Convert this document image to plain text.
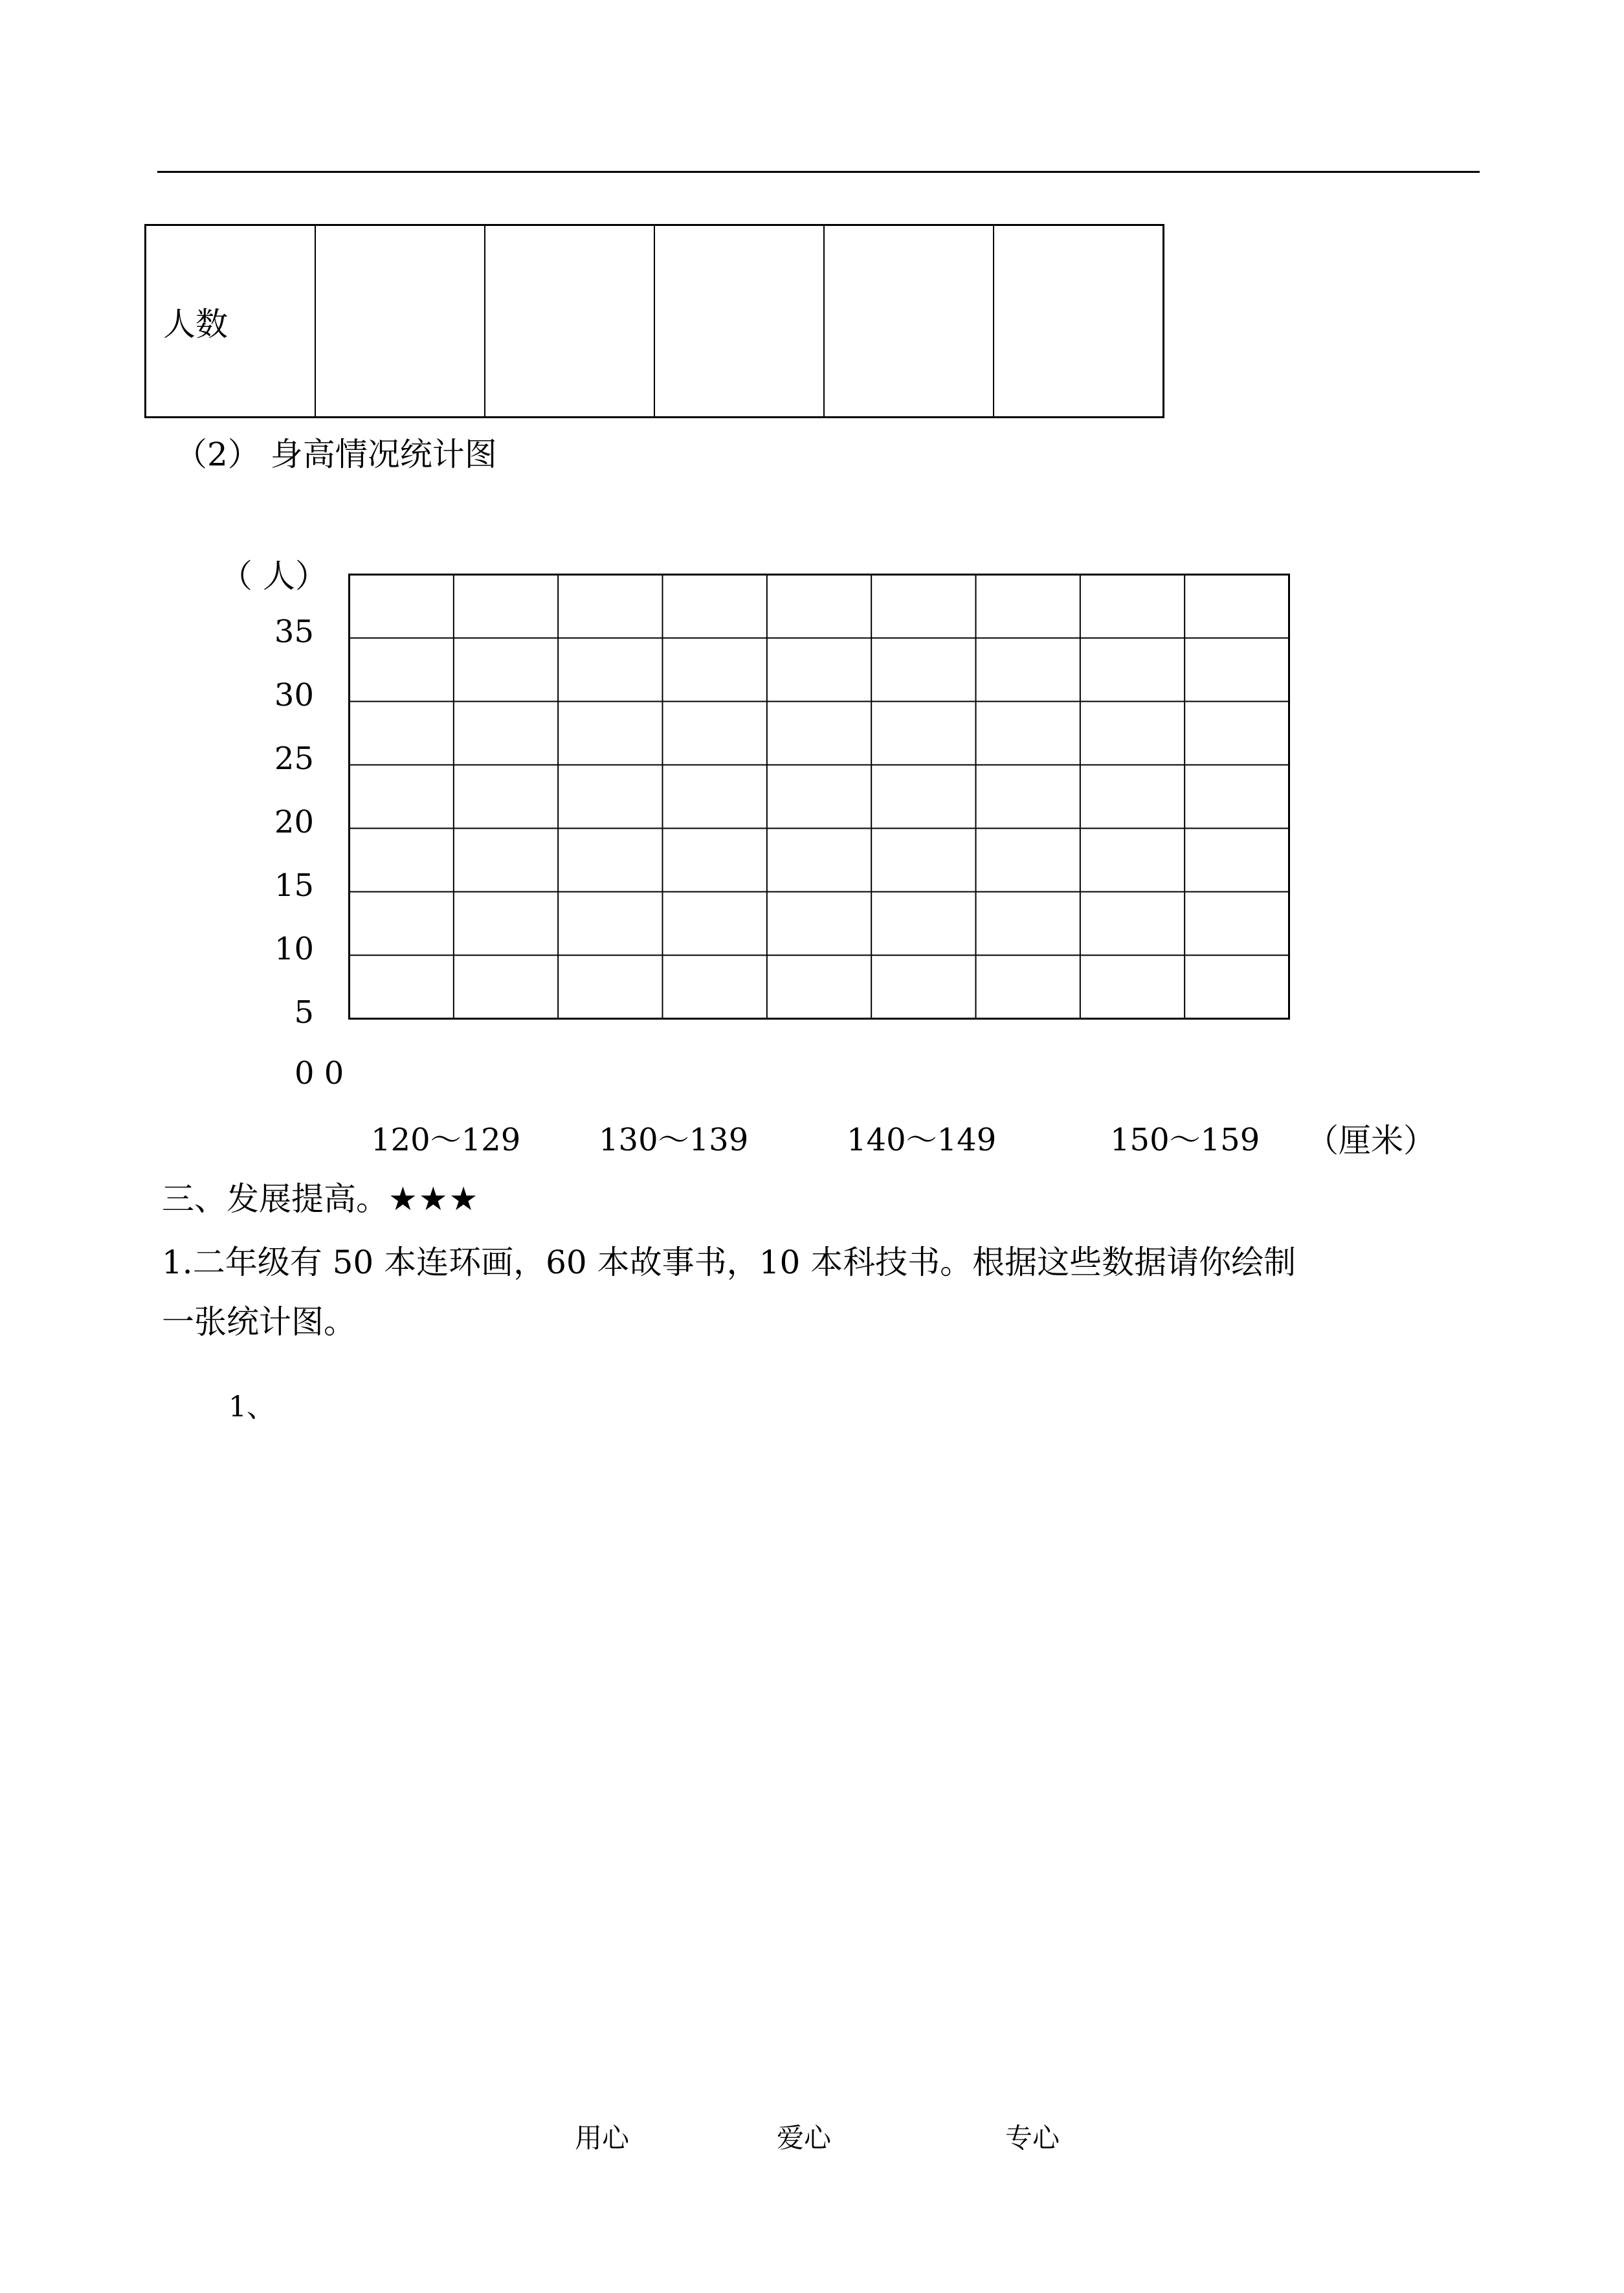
人数
（2） 身高情况统计图
（ 人）
35
30
25
20
15
10
5
0 0
120～129	130～139	140～149	150～159 （厘米）
三、发展提高。★★★
1.二年级有 50 本连环画，60 本故事书，10 本科技书。根据这些数据请你绘制
一张统计图。
1、
用心	爱心	专心
